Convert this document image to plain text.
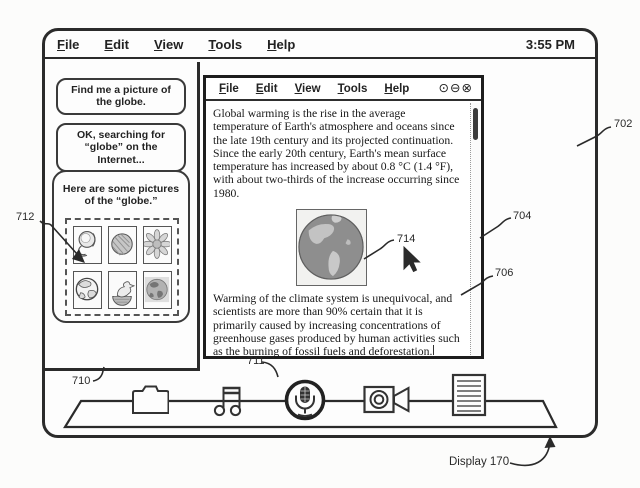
File Edit View Tools Help	3:55 PM
Find me a picture of the globe.
OK, searching for “globe” on the Internet...
Here are some pictures of the “globe.”
File Edit View Tools Help ⊙ ⊖ ⊗
Global warming is the rise in the average temperature of Earth's atmosphere and oceans since the late 19th century and its projected continuation. Since the early 20th century, Earth's mean surface temperature has increased by about 0.8 °C (1.4 °F), with about two-thirds of the increase occurring since 1980.
Warming of the climate system is unequivocal, and scientists are more than 90% certain that it is primarily caused by increasing concentrations of greenhouse gases produced by human activities such as the burning of fossil fuels and deforestation.
712
702
704
706
710
711
714
Display 170
